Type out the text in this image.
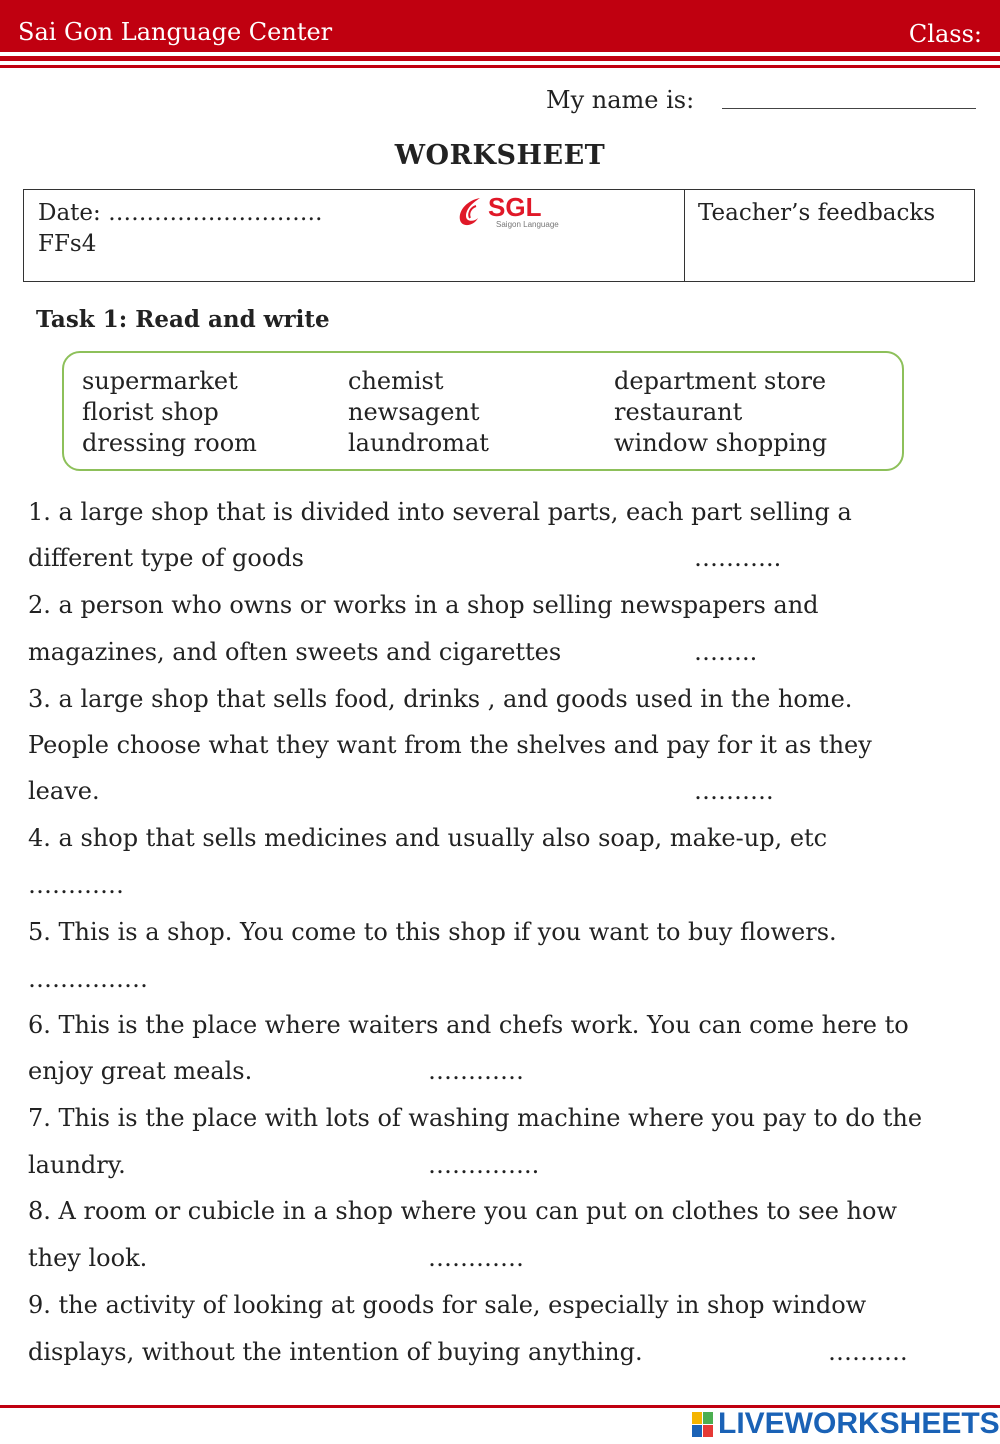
Sai Gon Language Center	Class:
My name is:
WORKSHEET
Date: ……………………….
FFs4
SGL
Saigon Language	Teacher’s feedbacks
Task 1: Read and write
supermarket	chemist	department store
florist shop	newsagent	restaurant
dressing room	laundromat	window shopping
1. a large shop that is divided into several parts, each part selling a
different type of goods	………..
2. a person who owns or works in a shop selling newspapers and
magazines, and often sweets and cigarettes	……..
3. a large shop that sells food, drinks , and goods used in the home.
People choose what they want from the shelves and pay for it as they
leave.	……….
4. a shop that sells medicines and usually also soap, make-up, etc
…………
5. This is a shop. You come to this shop if you want to buy flowers.
……………
6. This is the place where waiters and chefs work. You can come here to
enjoy great meals.	…………
7. This is the place with lots of washing machine where you pay to do the
laundry.	…………..
8. A room or cubicle in a shop where you can put on clothes to see how
they look.	…………
9. the activity of looking at goods for sale, especially in shop window
displays, without the intention of buying anything.	……….
LIVEWORKSHEETS
